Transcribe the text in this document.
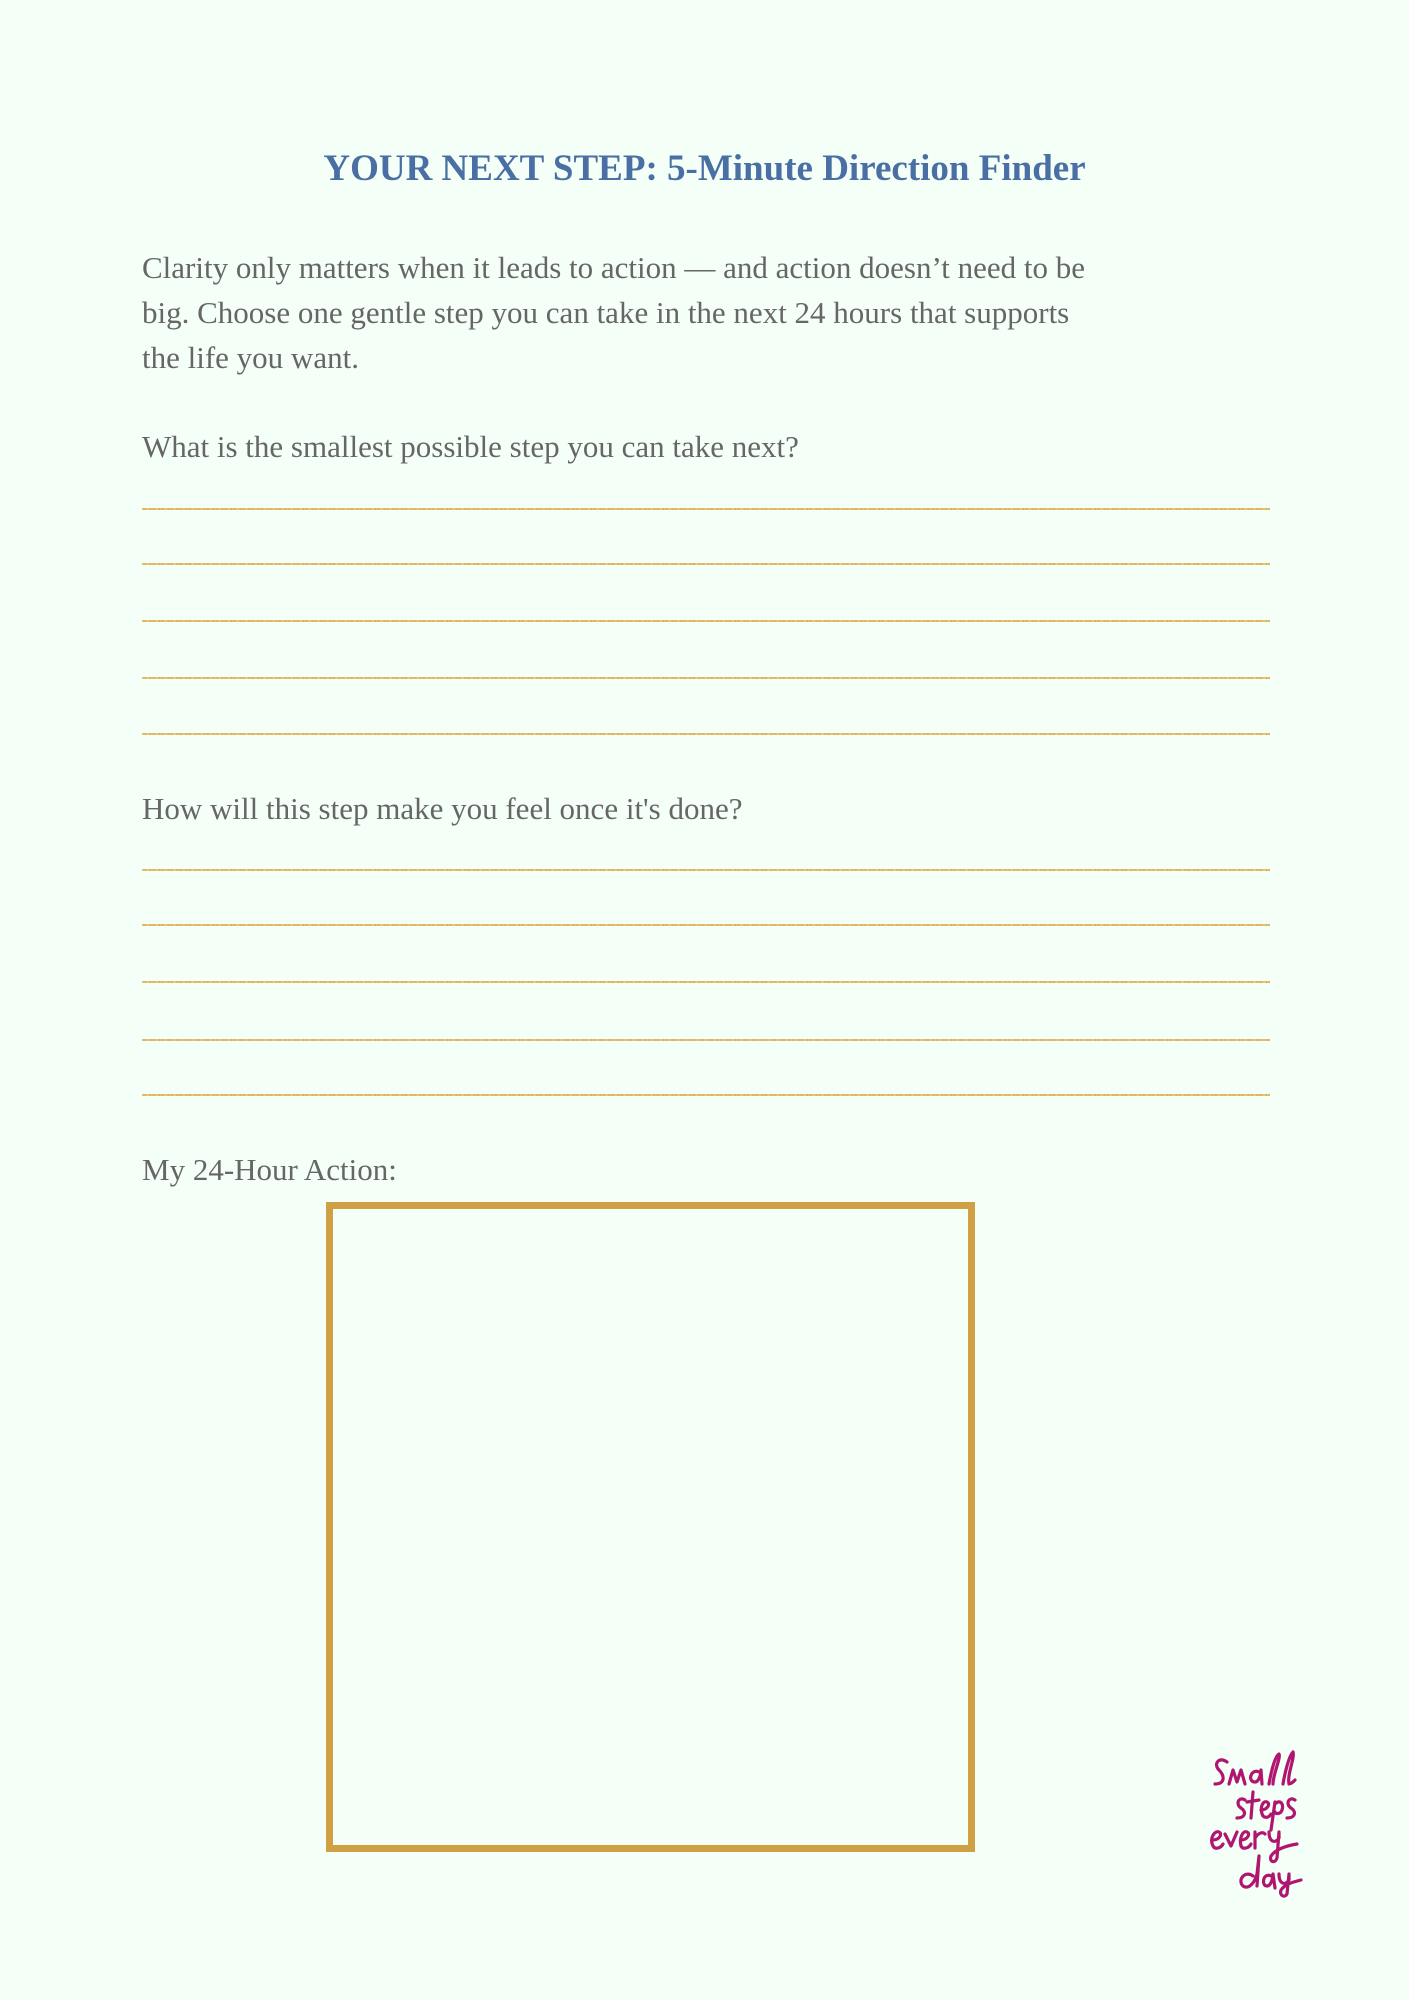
YOUR NEXT STEP: 5-Minute Direction Finder
Clarity only matters when it leads to action — and action doesn’t need to be
big. Choose one gentle step you can take in the next 24 hours that supports
the life you want.
What is the smallest possible step you can take next?
How will this step make you feel once it's done?
My 24-Hour Action:
